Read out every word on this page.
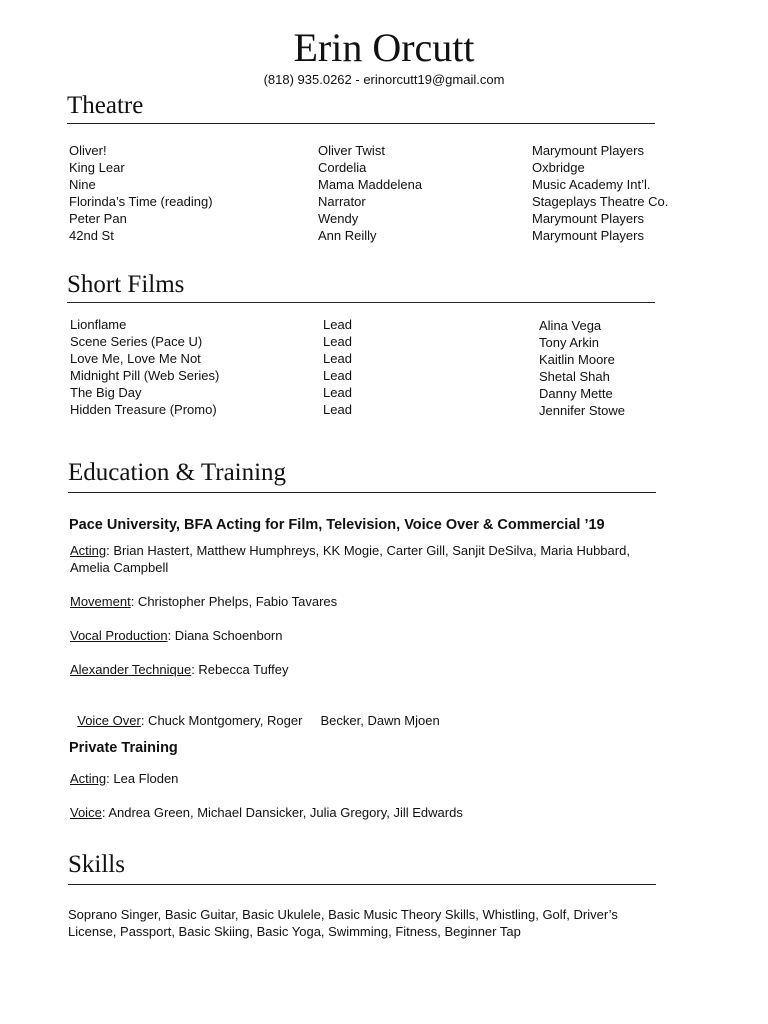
Erin Orcutt
(818) 935.0262 - erinorcutt19@gmail.com
Theatre
Oliver!
King Lear
Nine
Florinda’s Time (reading)
Peter Pan
42nd St
Oliver Twist
Cordelia
Mama Maddelena
Narrator
Wendy
Ann Reilly
Marymount Players
Oxbridge
Music Academy Int’l.
Stageplays Theatre Co.
Marymount Players
Marymount Players
Short Films
Lionflame
Scene Series (Pace U)
Love Me, Love Me Not
Midnight Pill (Web Series)
The Big Day
Hidden Treasure (Promo)
Lead
Lead
Lead
Lead
Lead
Lead
Alina Vega
Tony Arkin
Kaitlin Moore
Shetal Shah
Danny Mette
Jennifer Stowe
Education & Training
Pace University, BFA Acting for Film, Television, Voice Over & Commercial ’19
Acting: Brian Hastert, Matthew Humphreys, KK Mogie, Carter Gill, Sanjit DeSilva, Maria Hubbard, Amelia Campbell
Movement: Christopher Phelps, Fabio Tavares
Vocal Production: Diana Schoenborn
Alexander Technique: Rebecca Tuffey

Voice Over: Chuck Montgomery, Roger     Becker, Dawn Mjoen

Private Training
Acting: Lea Floden
Voice: Andrea Green, Michael Dansicker, Julia Gregory, Jill Edwards
Skills
Soprano Singer, Basic Guitar, Basic Ukulele, Basic Music Theory Skills, Whistling, Golf, Driver’s License, Passport, Basic Skiing, Basic Yoga, Swimming, Fitness, Beginner Tap
